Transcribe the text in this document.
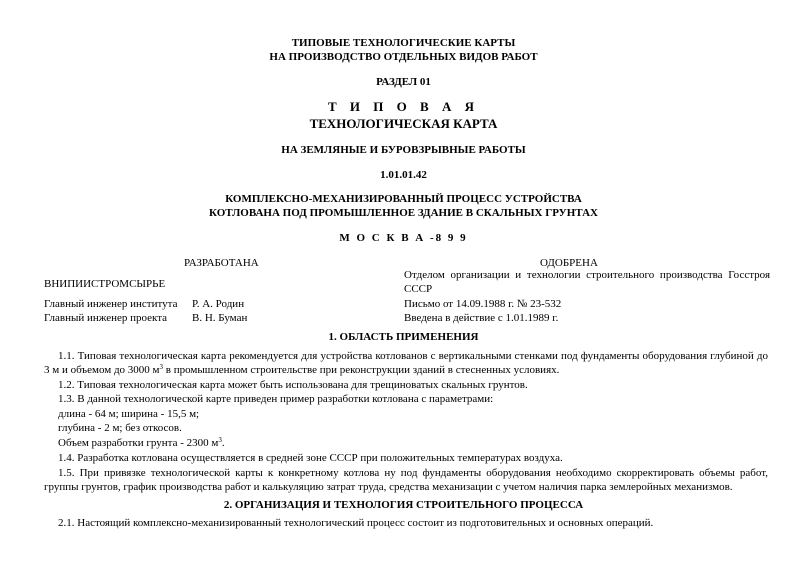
ТИПОВЫЕ ТЕХНОЛОГИЧЕСКИЕ КАРТЫ
НА ПРОИЗВОДСТВО ОТДЕЛЬНЫХ ВИДОВ РАБОТ
РАЗДЕЛ 01
Т И П О В А Я
ТЕХНОЛОГИЧЕСКАЯ КАРТА
НА ЗЕМЛЯНЫЕ И БУРОВЗРЫВНЫЕ РАБОТЫ
1.01.01.42
КОМПЛЕКСНО-МЕХАНИЗИРОВАННЫЙ ПРОЦЕСС УСТРОЙСТВА
КОТЛОВАНА ПОД ПРОМЫШЛЕННОЕ ЗДАНИЕ В СКАЛЬНЫХ ГРУНТАХ
М О С К В А -8 9 9
РАЗРАБОТАНА
ВНИПИИСТРОМСЫРЬЕ
Главный инженер института Р. А. Родин
Главный инженер проекта В. Н. Буман
ОДОБРЕНА
Отделом организации и технологии строительного производства Госстроя СССР
Письмо от 14.09.1988 г. № 23-532
Введена в действие с 1.01.1989 г.
1. ОБЛАСТЬ ПРИМЕНЕНИЯ
1.1. Типовая технологическая карта рекомендуется для устройства котлованов с вертикальными стенками под фундаменты оборудования глубиной до 3 м и объемом до 3000 $м^3$ в промышленном строительстве при реконструкции зданий в стесненных условиях.
1.2. Типовая технологическая карта может быть использована для трещиноватых скальных грунтов.
1.3. В данной технологической карте приведен пример разработки котлована с параметрами:
длина - 64 м; ширина - 15,5 м;
глубина - 2 м; без откосов.
Объем разработки грунта - 2300 $м^3$.
1.4. Разработка котлована осуществляется в средней зоне СССР при положительных температурах воздуха.
1.5. При привязке технологической карты к конкретному котлова ну под фундаменты оборудования необходимо скорректировать объемы работ, группы грунтов, график производства работ и калькуляцию затрат труда, средства механизации с учетом наличия парка землеройных механизмов.
2. ОРГАНИЗАЦИЯ И ТЕХНОЛОГИЯ СТРОИТЕЛЬНОГО ПРОЦЕССА
2.1. Настоящий комплексно-механизированный технологический процесс состоит из подготовительных и основных операций.
